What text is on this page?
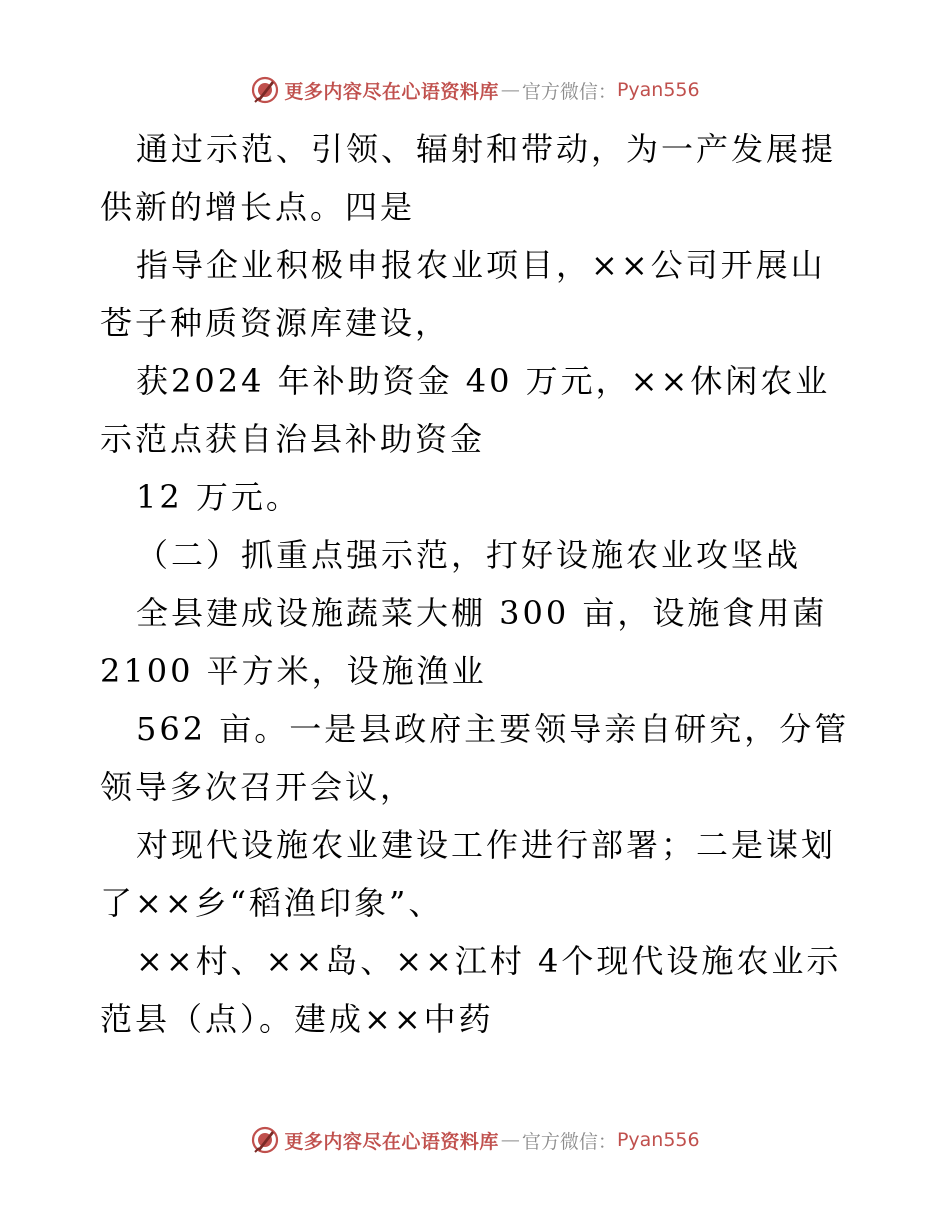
更多内容尽在心语资料库 — 官方微信： Pyan556

通过示范、引领、辐射和带动，为一产发展提供新的增长点。四是

指导企业积极申报农业项目，××公司开展山苍子种质资源库建设，

获2024 年补助资金 40 万元，××休闲农业示范点获自治县补助资金

12 万元。

（二）抓重点强示范，打好设施农业攻坚战

全县建成设施蔬菜大棚 300 亩，设施食用菌 2100 平方米，设施渔业

562 亩。一是县政府主要领导亲自研究，分管领导多次召开会议，

对现代设施农业建设工作进行部署；二是谋划了××乡“稻渔印象”、

××村、××岛、××江村 4个现代设施农业示范县（点）。建成××中药

更多内容尽在心语资料库 — 官方微信： Pyan556
